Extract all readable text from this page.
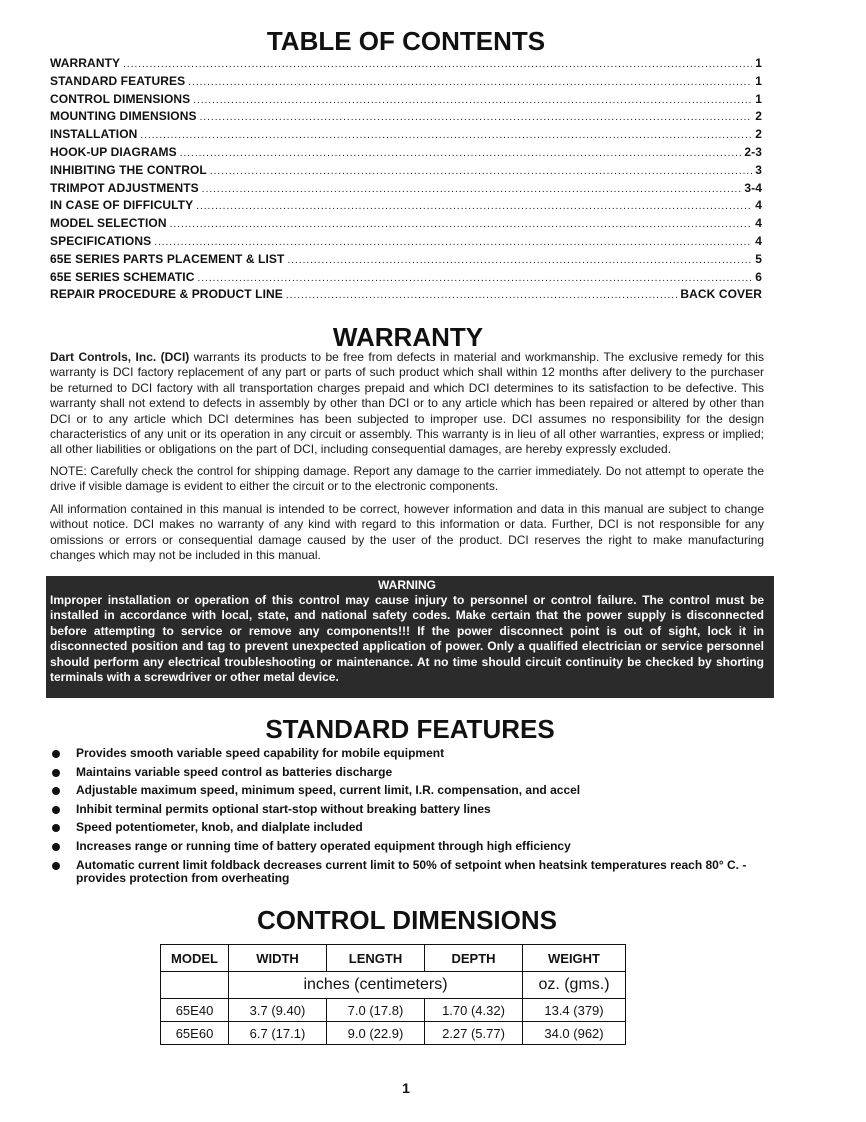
TABLE OF CONTENTS
WARRANTY .....	1
STANDARD FEATURES .....	1
CONTROL DIMENSIONS .....	1
MOUNTING DIMENSIONS .....	2
INSTALLATION .....	2
HOOK-UP DIAGRAMS .....	2-3
INHIBITING THE CONTROL .....	3
TRIMPOT ADJUSTMENTS .....	3-4
IN CASE OF DIFFICULTY .....	4
MODEL SELECTION .....	4
SPECIFICATIONS .....	4
65E SERIES PARTS PLACEMENT & LIST .....	5
65E SERIES SCHEMATIC .....	6
REPAIR PROCEDURE & PRODUCT LINE .....	BACK COVER
WARRANTY

Dart Controls, Inc. (DCI) warrants its products to be free from defects in material and workmanship. The exclusive remedy for this warranty is DCI factory replacement of any part or parts of such product which shall within 12 months after delivery to the purchaser be returned to DCI factory with all transportation charges prepaid and which DCI determines to its satisfaction to be defective. This warranty shall not extend to defects in assembly by other than DCI or to any article which has been repaired or altered by other than DCI or to any article which DCI determines has been subjected to improper use. DCI assumes no responsibility for the design characteristics of any unit or its operation in any circuit or assembly. This warranty is in lieu of all other warranties, express or implied; all other liabilities or obligations on the part of DCI, including consequential damages, are hereby expressly excluded.

NOTE: Carefully check the control for shipping damage. Report any damage to the carrier immediately. Do not attempt to operate the drive if visible damage is evident to either the circuit or to the electronic components.

All information contained in this manual is intended to be correct, however information and data in this manual are subject to change without notice. DCI makes no warranty of any kind with regard to this information or data. Further, DCI is not responsible for any omissions or errors or consequential damage caused by the user of the product. DCI reserves the right to make manufacturing changes which may not be included in this manual.

WARNING
Improper installation or operation of this control may cause injury to personnel or control failure. The control must be installed in accordance with local, state, and national safety codes. Make certain that the power supply is disconnected before attempting to service or remove any components!!! If the power disconnect point is out of sight, lock it in disconnected position and tag to prevent unexpected application of power. Only a qualified electrician or service personnel should perform any electrical troubleshooting or maintenance. At no time should circuit continuity be checked by shorting terminals with a screwdriver or other metal device.
STANDARD FEATURES
Provides smooth variable speed capability for mobile equipment
Maintains variable speed control as batteries discharge
Adjustable maximum speed, minimum speed, current limit, I.R. compensation, and accel
Inhibit terminal permits optional start-stop without breaking battery lines
Speed potentiometer, knob, and dialplate included
Increases range or running time of battery operated equipment through high efficiency
Automatic current limit foldback decreases current limit to 50% of setpoint when heatsink temperatures reach 80° C. - provides protection from overheating
CONTROL DIMENSIONS
MODEL	WIDTH	LENGTH	DEPTH	WEIGHT
	inches (centimeters)			oz. (gms.)
65E40	3.7 (9.40)	7.0 (17.8)	1.70 (4.32)	13.4 (379)
65E60	6.7 (17.1)	9.0 (22.9)	2.27 (5.77)	34.0 (962)
1
